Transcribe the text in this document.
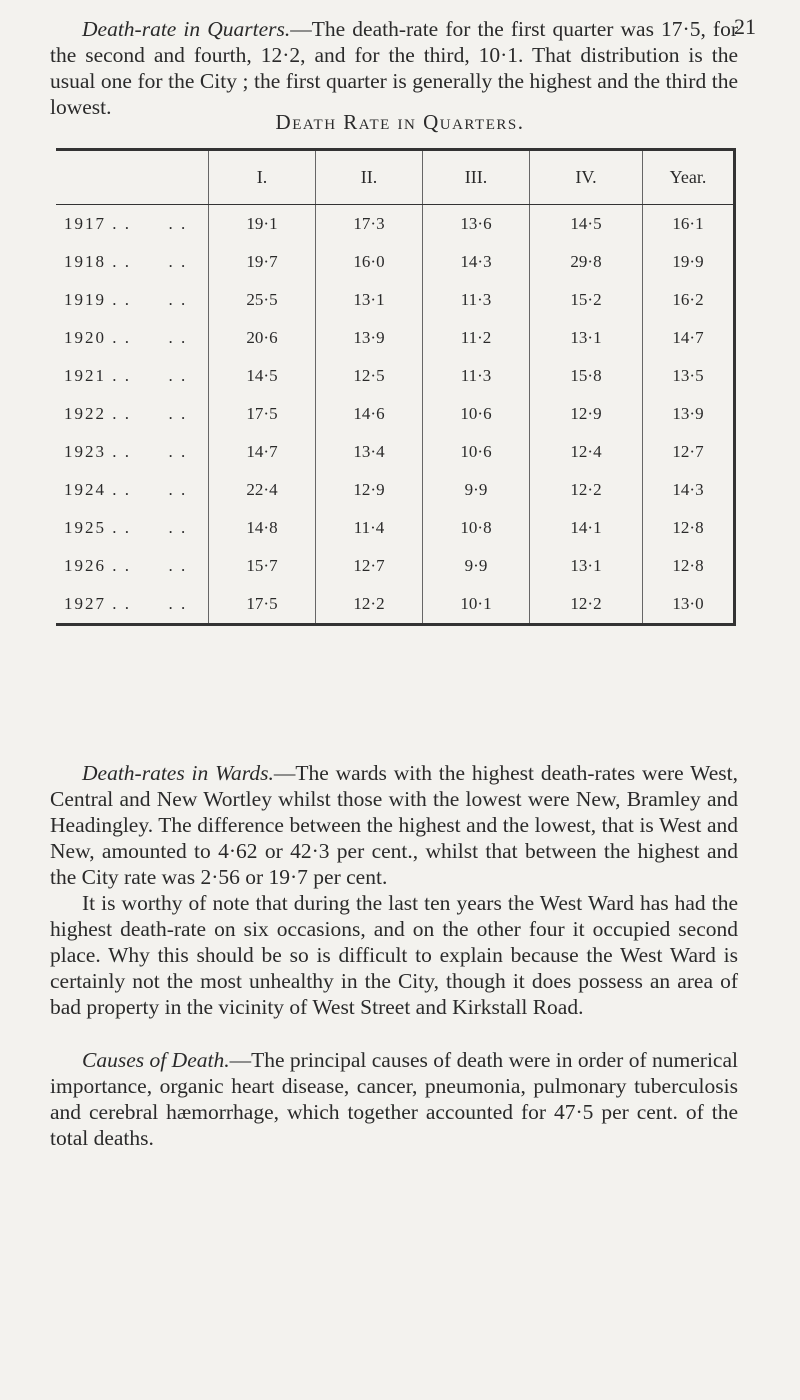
21

Death-rate in Quarters.—The death-rate for the first quarter was 17·5, for the second and fourth, 12·2, and for the third, 10·1. That distribution is the usual one for the City ; the first quarter is generally the highest and the third the lowest.

Death Rate in Quarters.
	I.	II.	III.	IV.	Year.
1917 . .      . .	19·1	17·3	13·6	14·5	16·1
1918 . .      . .	19·7	16·0	14·3	29·8	19·9
1919 . .      . .	25·5	13·1	11·3	15·2	16·2
1920 . .      . .	20·6	13·9	11·2	13·1	14·7
1921 . .      . .	14·5	12·5	11·3	15·8	13·5
1922 . .      . .	17·5	14·6	10·6	12·9	13·9
1923 . .      . .	14·7	13·4	10·6	12·4	12·7
1924 . .      . .	22·4	12·9	9·9	12·2	14·3
1925 . .      . .	14·8	11·4	10·8	14·1	12·8
1926 . .      . .	15·7	12·7	9·9	13·1	12·8
1927 . .      . .	17·5	12·2	10·1	12·2	13·0

Death-rates in Wards.—The wards with the highest death-rates were West, Central and New Wortley whilst those with the lowest were New, Bramley and Headingley. The difference between the highest and the lowest, that is West and New, amounted to 4·62 or 42·3 per cent., whilst that between the highest and the City rate was 2·56 or 19·7 per cent.

It is worthy of note that during the last ten years the West Ward has had the highest death-rate on six occasions, and on the other four it occupied second place. Why this should be so is difficult to explain because the West Ward is certainly not the most unhealthy in the City, though it does possess an area of bad property in the vicinity of West Street and Kirkstall Road.

Causes of Death.—The principal causes of death were in order of numerical importance, organic heart disease, cancer, pneumonia, pulmonary tuberculosis and cerebral hæmorrhage, which together accounted for 47·5 per cent. of the total deaths.
